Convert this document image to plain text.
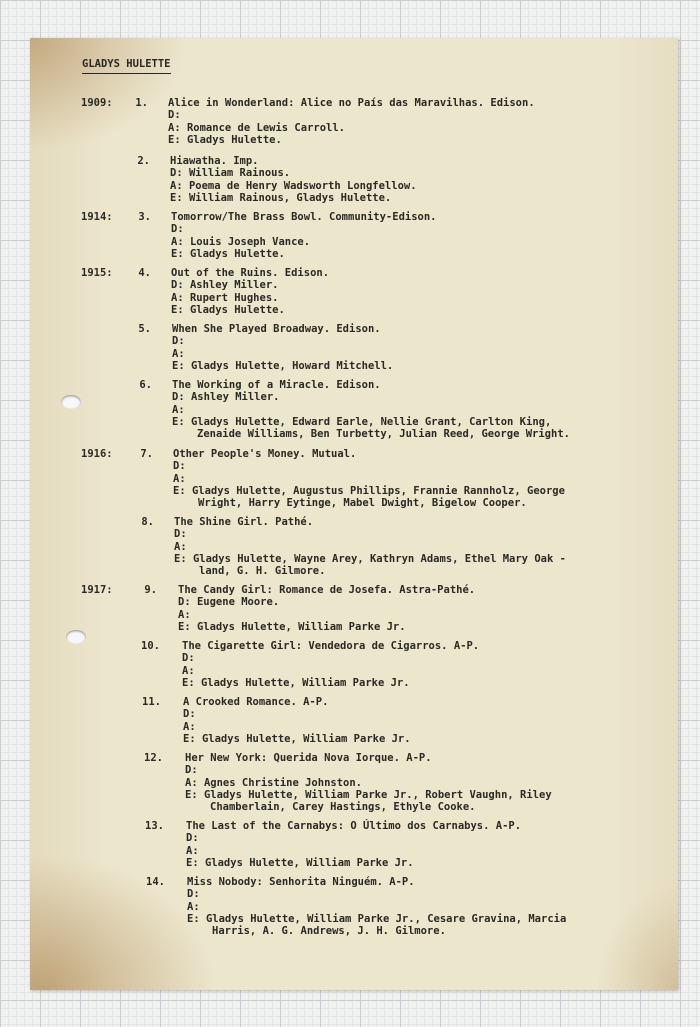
GLADYS HULETTE
1909:	1. Alice in Wonderland: Alice no País das Maravilhas. Edison.
D:
A: Romance de Lewis Carroll.
E: Gladys Hulette.
2. Hiawatha. Imp.
D: William Rainous.
A: Poema de Henry Wadsworth Longfellow.
E: William Rainous, Gladys Hulette.
1914:	3. Tomorrow/The Brass Bowl. Community-Edison.
D:
A: Louis Joseph Vance.
E: Gladys Hulette.
1915:	4. Out of the Ruins. Edison.
D: Ashley Miller.
A: Rupert Hughes.
E: Gladys Hulette.
5. When She Played Broadway. Edison.
D:
A:
E: Gladys Hulette, Howard Mitchell.
6. The Working of a Miracle. Edison.
D: Ashley Miller.
A:
E: Gladys Hulette, Edward Earle, Nellie Grant, Carlton King,
Zenaide Williams, Ben Turbetty, Julian Reed, George Wright.
1916:	7. Other People's Money. Mutual.
D:
A:
E: Gladys Hulette, Augustus Phillips, Frannie Rannholz, George
Wright, Harry Eytinge, Mabel Dwight, Bigelow Cooper.
8. The Shine Girl. Pathé.
D:
A:
E: Gladys Hulette, Wayne Arey, Kathryn Adams, Ethel Mary Oak -
land, G. H. Gilmore.
1917:	9. The Candy Girl: Romance de Josefa. Astra-Pathé.
D: Eugene Moore.
A:
E: Gladys Hulette, William Parke Jr.
10. The Cigarette Girl: Vendedora de Cigarros. A-P.
D:
A:
E: Gladys Hulette, William Parke Jr.
11. A Crooked Romance. A-P.
D:
A:
E: Gladys Hulette, William Parke Jr.
12. Her New York: Querida Nova Iorque. A-P.
D:
A: Agnes Christine Johnston.
E: Gladys Hulette, William Parke Jr., Robert Vaughn, Riley
Chamberlain, Carey Hastings, Ethyle Cooke.
13. The Last of the Carnabys: O Último dos Carnabys. A-P.
D:
A:
E: Gladys Hulette, William Parke Jr.
14. Miss Nobody: Senhorita Ninguém. A-P.
D:
A:
E: Gladys Hulette, William Parke Jr., Cesare Gravina, Marcia
Harris, A. G. Andrews, J. H. Gilmore.
